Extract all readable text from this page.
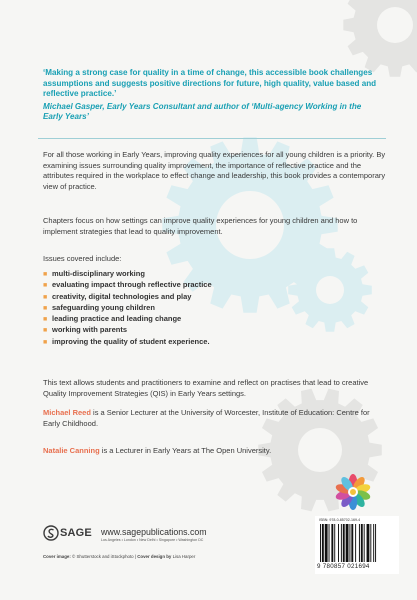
‘Making a strong case for quality in a time of change, this accessible book challenges assumptions and suggests positive directions for future, high quality, value based and reflective practice.’

Michael Gasper, Early Years Consultant and author of ‘Multi-agency Working in the Early Years’

For all those working in Early Years, improving quality experiences for all young children is a priority. By examining issues surrounding quality improvement, the importance of reflective practice and the attributes required in the workplace to effect change and leadership, this book provides a contemporary view of practice.

Chapters focus on how settings can improve quality experiences for young children and how to implement strategies that lead to quality improvement.

Issues covered include:

■ multi-disciplinary working
■ evaluating impact through reflective practice
■ creativity, digital technologies and play
■ safeguarding young children
■ leading practice and leading change
■ working with parents
■ improving the quality of student experience.

This text allows students and practitioners to examine and reflect on practises that lead to creative Quality Improvement Strategies (QIS) in Early Years settings.

Michael Reed is a Senior Lecturer at the University of Worcester, Institute of Education: Centre for Early Childhood.

Natalie Canning is a Lecturer in Early Years at The Open University.

ISBN: 978-0-85702-169-4
9 780857 021694
SAGE www.sagepublications.com
Los Angeles • London • New Delhi • Singapore • Washington DC
Cover image: © Shutterstock and iStockphoto | Cover design by Lisa Harper
